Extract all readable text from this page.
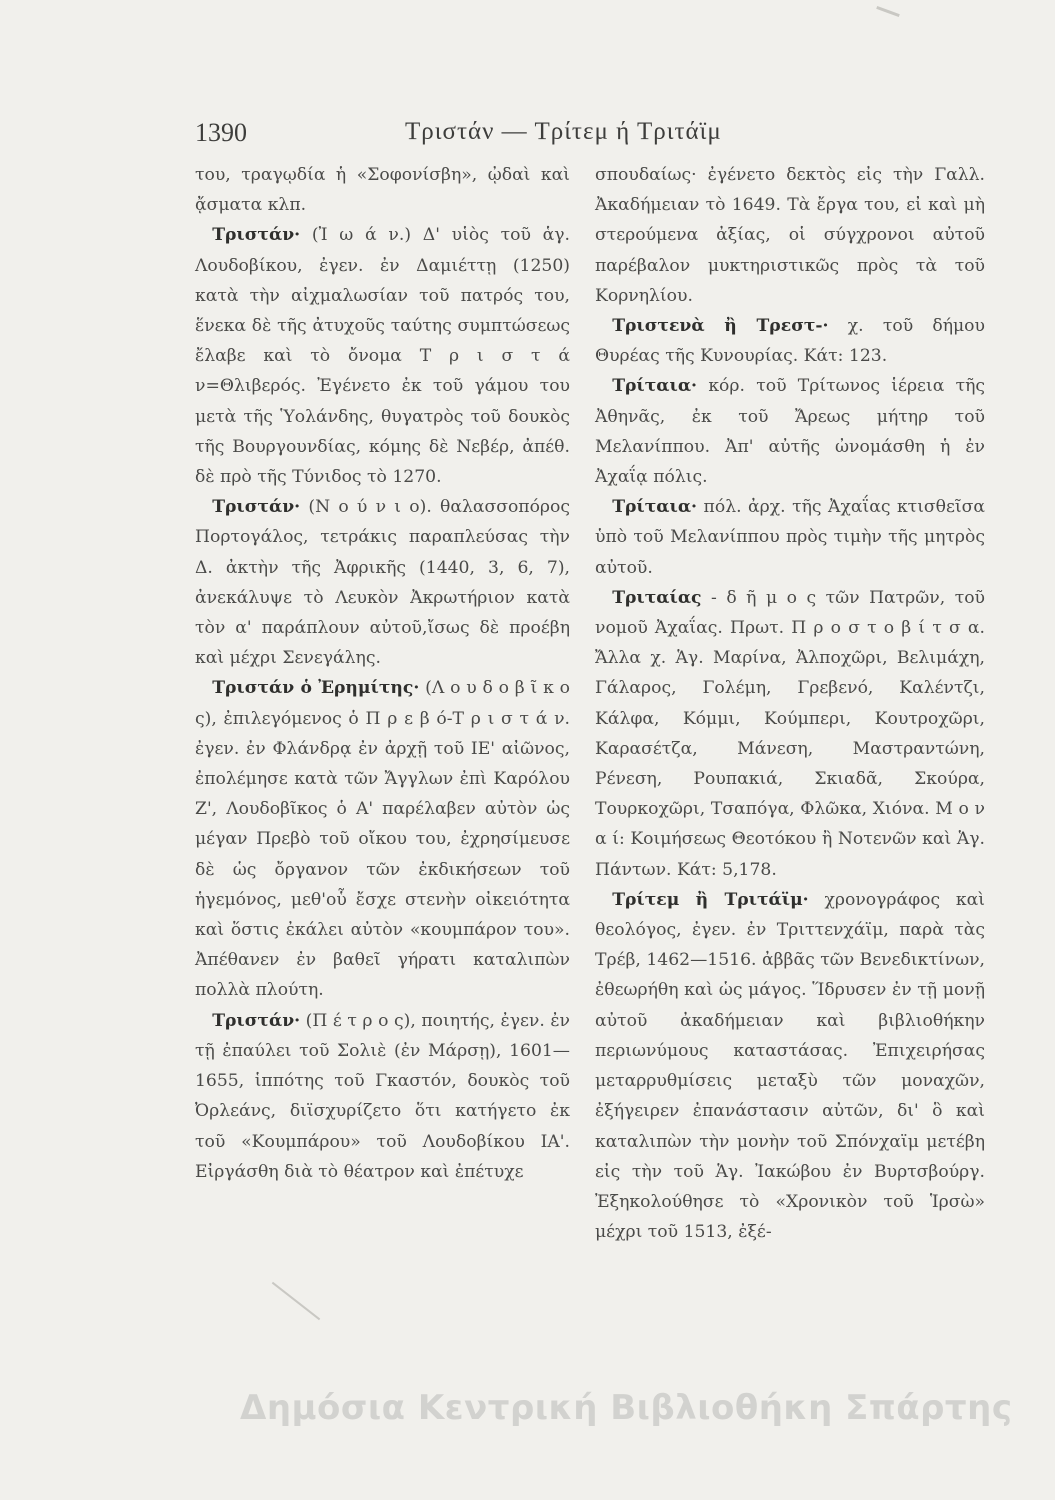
1390	Τριστάν — Τρίτεμ ή Τριτάϊμ

του, τραγῳδία ἡ «Σοφονίσβη», ᾠδαὶ καὶ ᾄσματα κλπ.

 Τριστάν· (Ἰ ω ά ν.) Δ' υἱὸς τοῦ ἁγ. Λουδοβίκου, ἐγεν. ἐν Δαμιέττῃ (1250) κατὰ τὴν αἰχμαλωσίαν τοῦ πατρός του, ἕνεκα δὲ τῆς ἀτυχοῦς ταύτης συμπτώσεως ἔλαβε καὶ τὸ ὄνομα Τ ρ ι σ τ ά ν=Θλιβερός. Ἐγένετο ἐκ τοῦ γάμου του μετὰ τῆς Ὑολάνδης, θυγατρὸς τοῦ δουκὸς τῆς Βουργουνδίας, κόμης δὲ Νεβέρ, ἀπέθ. δὲ πρὸ τῆς Τύνιδος τὸ 1270.

 Τριστάν· (Ν ο ύ ν ι ο). θαλασσοπόρος Πορτογάλος, τετράκις παραπλεύσας τὴν Δ. ἀκτὴν τῆς Ἀφρικῆς (1440, 3, 6, 7), ἀνεκάλυψε τὸ Λευκὸν Ἀκρωτήριον κατὰ τὸν α' παράπλουν αὐτοῦ,ἴσως δὲ προέβη καὶ μέχρι Σενεγάλης.

 Τριστάν ὁ Ἐρημίτης· (Λ ο υ δ ο β ῖ κ ο ς), ἐπιλεγόμενος ὁ Π ρ ε β ό-Τ ρ ι σ τ ά ν. ἐγεν. ἐν Φλάνδρᾳ ἐν ἀρχῇ τοῦ ΙΕ' αἰῶνος, ἐπολέμησε κατὰ τῶν Ἄγγλων ἐπὶ Καρόλου Ζ', Λουδοβῖκος ὁ Α' παρέλαβεν αὐτὸν ὡς μέγαν Πρεβὸ τοῦ οἴκου του, ἐχρησίμευσε δὲ ὡς ὄργανον τῶν ἐκδικήσεων τοῦ ἡγεμόνος, μεθ'οὗ ἔσχε στενὴν οἰκειότητα καὶ ὅστις ἐκάλει αὐτὸν «κουμπάρον του». Ἀπέθανεν ἐν βαθεῖ γήρατι καταλιπὼν πολλὰ πλούτη.

 Τριστάν· (Π έ τ ρ ο ς), ποιητής, ἐγεν. ἐν τῇ ἐπαύλει τοῦ Σολιὲ (ἐν Μάρσῃ), 1601—1655, ἱππότης τοῦ Γκαστόν, δουκὸς τοῦ Ὀρλεάνς, διϊσχυρίζετο ὅτι κατήγετο ἐκ τοῦ «Κουμπάρου» τοῦ Λουδοβίκου ΙΑ'. Εἰργάσθη διὰ τὸ θέατρον καὶ ἐπέτυχε

σπουδαίως· ἐγένετο δεκτὸς εἰς τὴν Γαλλ. Ἀκαδήμειαν τὸ 1649. Τὰ ἔργα του, εἰ καὶ μὴ στερούμενα ἀξίας, οἱ σύγχρονοι αὐτοῦ παρέβαλον μυκτηριστικῶς πρὸς τὰ τοῦ Κορνηλίου.

 Τριστενὰ ἢ Τρεστ-· χ. τοῦ δήμου Θυρέας τῆς Κυνουρίας. Κάτ: 123.

 Τρίταια· κόρ. τοῦ Τρίτωνος ἱέρεια τῆς Ἀθηνᾶς, ἐκ τοῦ Ἄρεως μήτηρ τοῦ Μελανίππου. Ἀπ' αὐτῆς ὠνομάσθη ἡ ἐν Ἀχαΐᾳ πόλις.

 Τρίταια· πόλ. ἀρχ. τῆς Ἀχαΐας κτισθεῖσα ὑπὸ τοῦ Μελανίππου πρὸς τιμὴν τῆς μητρὸς αὐτοῦ.

 Τριταίας - δ ῆ μ ο ς τῶν Πατρῶν, τοῦ νομοῦ Ἀχαΐας. Πρωτ. Π ρ ο σ τ ο β ί τ σ α. Ἄλλα χ. Ἁγ. Μαρίνα, Ἀλποχῶρι, Βελιμάχη, Γάλαρος, Γολέμη, Γρεβενό, Καλέντζι, Κάλφα, Κόμμι, Κούμπερι, Κουτροχῶρι, Καρασέτζα, Μάνεση, Μαστραντώνη, Ρένεση, Ρουπακιά, Σκιαδᾶ, Σκούρα, Τουρκοχῶρι, Τσαπόγα, Φλῶκα, Χιόνα. Μ ο ν α ί: Κοιμήσεως Θεοτόκου ἢ Νοτενῶν καὶ Ἁγ. Πάντων. Κάτ: 5,178.

 Τρίτεμ ἢ Τριτάϊμ· χρονογράφος καὶ θεολόγος, ἐγεν. ἐν Τριττενχάϊμ, παρὰ τὰς Τρέβ, 1462—1516. ἀββᾶς τῶν Βενεδικτίνων, ἐθεωρήθη καὶ ὡς μάγος. Ἵδρυσεν ἐν τῇ μονῇ αὐτοῦ ἀκαδήμειαν καὶ βιβλιοθήκην περιωνύμους καταστάσας. Ἐπιχειρήσας μεταρρυθμίσεις μεταξὺ τῶν μοναχῶν, ἐξήγειρεν ἐπανάστασιν αὐτῶν, δι' ὃ καὶ καταλιπὼν τὴν μονὴν τοῦ Σπόνχαϊμ μετέβη εἰς τὴν τοῦ Ἁγ. Ἰακώβου ἐν Βυρτσβούργ. Ἐξηκολούθησε τὸ «Χρονικὸν τοῦ Ἱρσὼ» μέχρι τοῦ 1513, ἐξέ-

Δημόσια Κεντρική Βιβλιοθήκη Σπάρτης
